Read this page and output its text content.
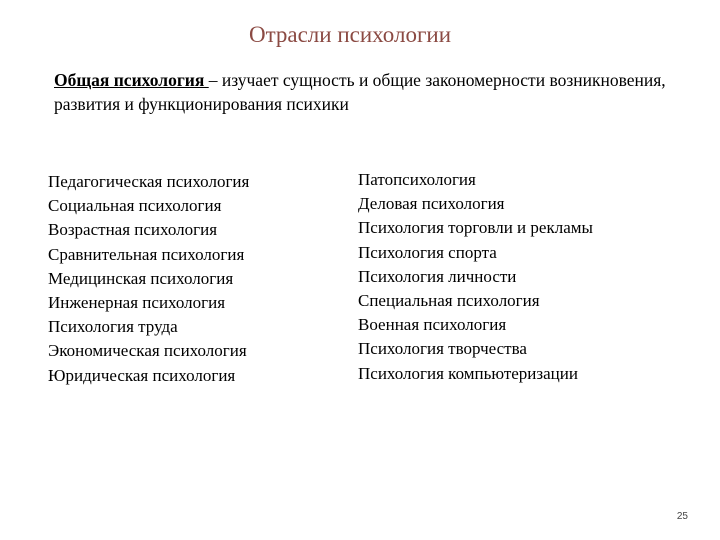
Отрасли психологии

Общая психология – изучает сущность и общие закономерности возникновения, развития и функционирования психики

Педагогическая психология
Социальная психология
Возрастная психология
Сравнительная психология
Медицинская психология
Инженерная психология
Психология труда
Экономическая психология
Юридическая психология
Патопсихология
Деловая психология
Психология торговли и рекламы
Психология спорта
Психология личности
Специальная психология
Военная психология
Психология творчества
Психология компьютеризации
25
